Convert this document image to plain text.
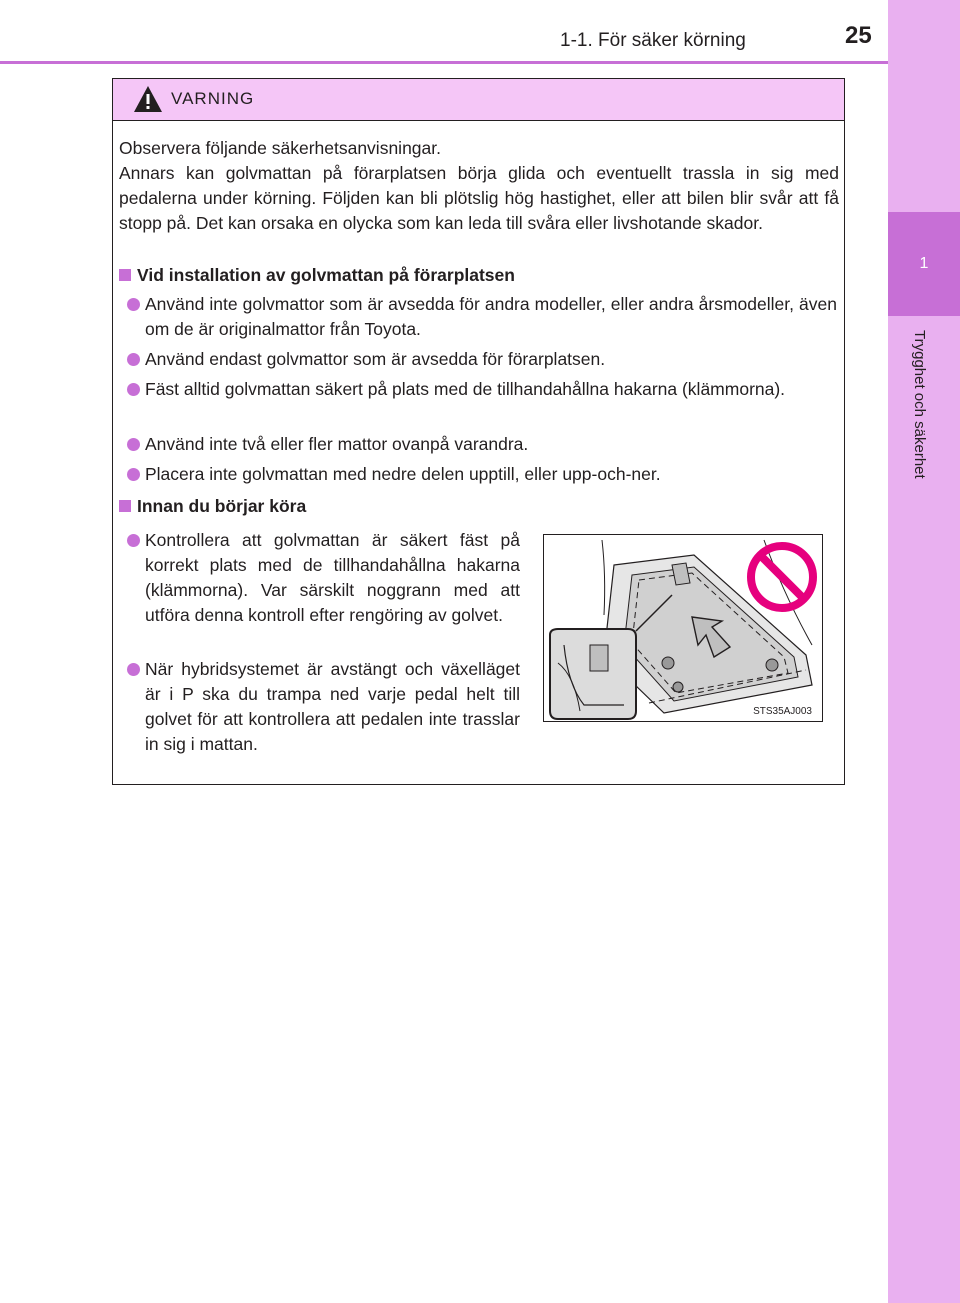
1
Trygghet och säkerhet
1-1. För säker körning	25
VARNING
Observera följande säkerhetsanvisningar.
Annars kan golvmattan på förarplatsen börja glida och eventuellt trassla in sig med pedalerna under körning. Följden kan bli plötslig hög hastighet, eller att bilen blir svår att få stopp på. Det kan orsaka en olycka som kan leda till svåra eller livshotande skador.
Vid installation av golvmattan på förarplatsen
Använd inte golvmattor som är avsedda för andra modeller, eller andra årsmodeller, även om de är originalmattor från Toyota.
Använd endast golvmattor som är avsedda för förarplatsen.
Fäst alltid golvmattan säkert på plats med de tillhandahållna hakarna (klämmorna).
Använd inte två eller fler mattor ovanpå varandra.
Placera inte golvmattan med nedre delen upptill, eller upp-och-ner.
Innan du börjar köra
Kontrollera att golvmattan är säkert fäst på korrekt plats med de tillhandahållna hakarna (klämmorna). Var särskilt noggrann med att utföra denna kontroll efter rengöring av golvet.
När hybridsystemet är avstängt och växelläget är i P ska du trampa ned varje pedal helt till golvet för att kontrollera att pedalen inte trasslar in sig i mattan.
STS35AJ003
